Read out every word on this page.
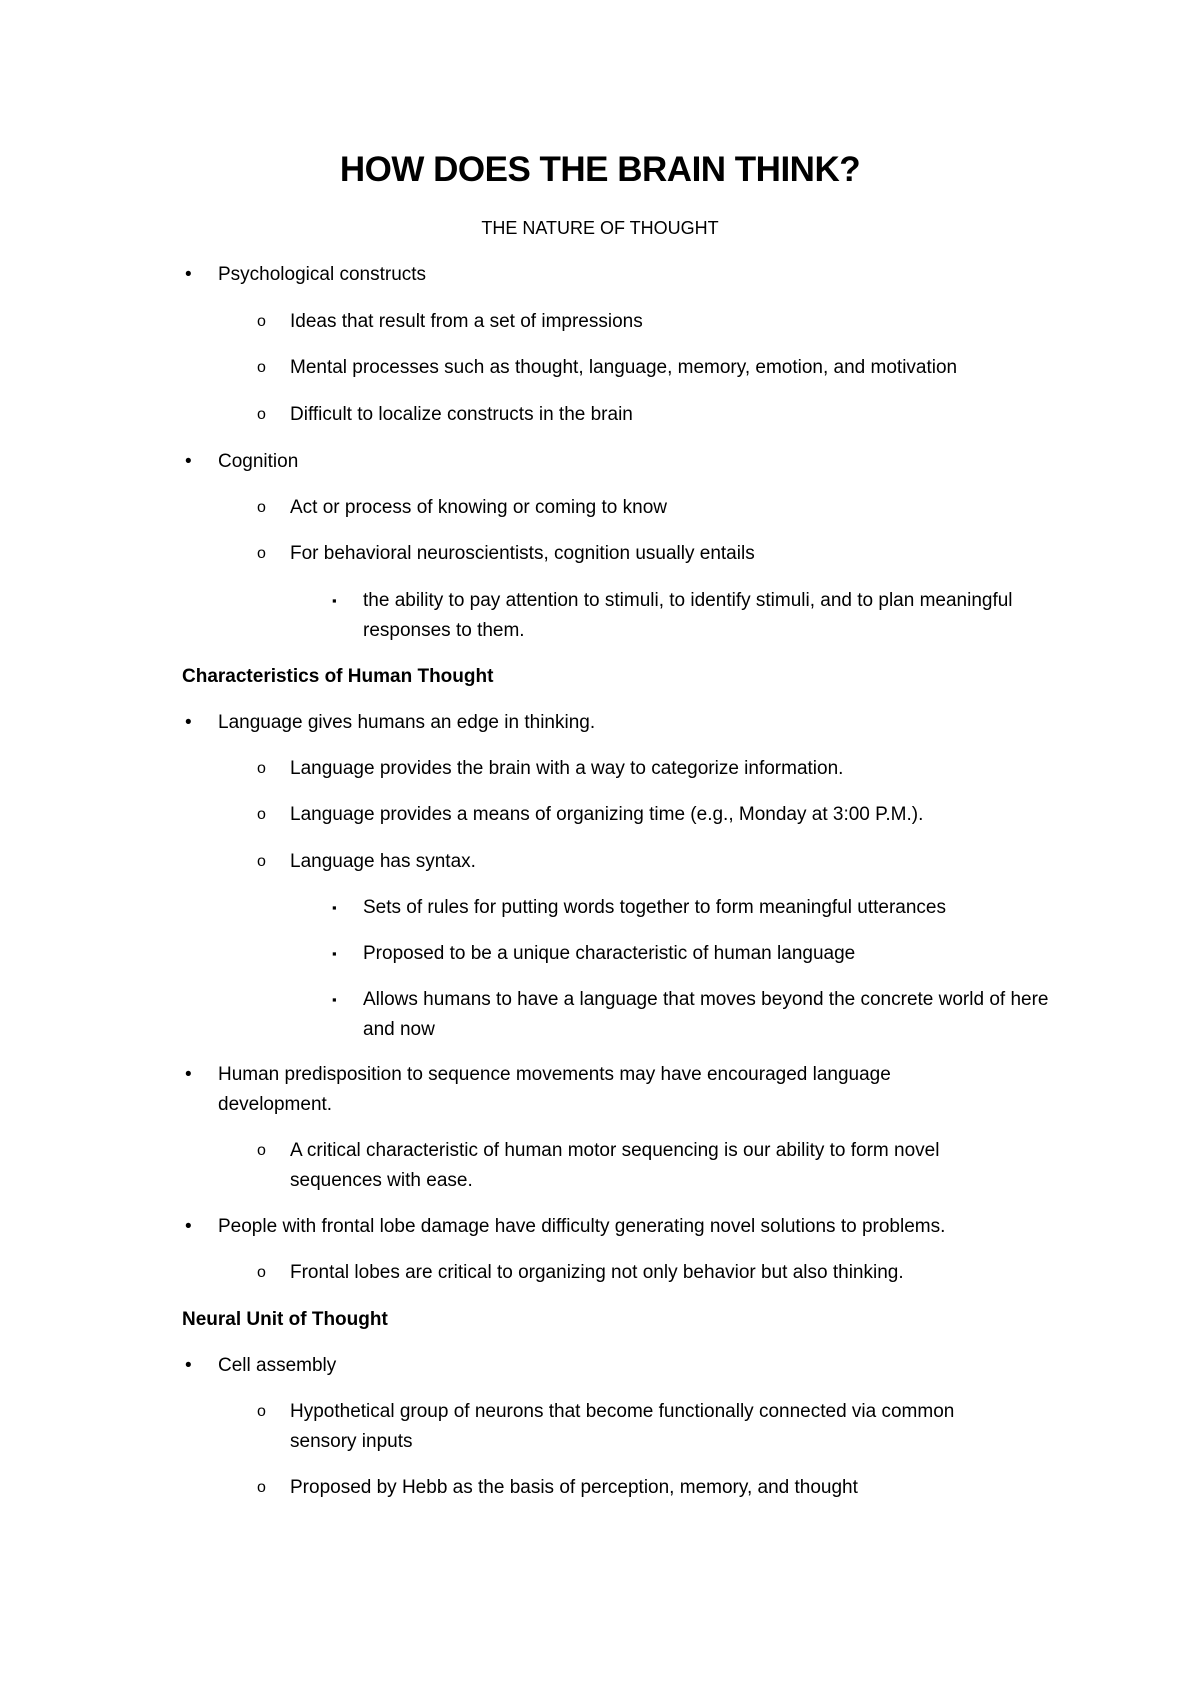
HOW DOES THE BRAIN THINK?
THE NATURE OF THOUGHT
• Psychological constructs
o Ideas that result from a set of impressions
o Mental processes such as thought, language, memory, emotion, and motivation
o Difficult to localize constructs in the brain
• Cognition
o Act or process of knowing or coming to know
o For behavioral neuroscientists, cognition usually entails
▪ the ability to pay attention to stimuli, to identify stimuli, and to plan meaningful responses to them.
Characteristics of Human Thought
• Language gives humans an edge in thinking.
o Language provides the brain with a way to categorize information.
o Language provides a means of organizing time (e.g., Monday at 3:00 P.M.).
o Language has syntax.
▪ Sets of rules for putting words together to form meaningful utterances
▪ Proposed to be a unique characteristic of human language
▪ Allows humans to have a language that moves beyond the concrete world of here and now
• Human predisposition to sequence movements may have encouraged language development.
o A critical characteristic of human motor sequencing is our ability to form novel sequences with ease.
• People with frontal lobe damage have difficulty generating novel solutions to problems.
o Frontal lobes are critical to organizing not only behavior but also thinking.
Neural Unit of Thought
• Cell assembly
o Hypothetical group of neurons that become functionally connected via common sensory inputs
o Proposed by Hebb as the basis of perception, memory, and thought
